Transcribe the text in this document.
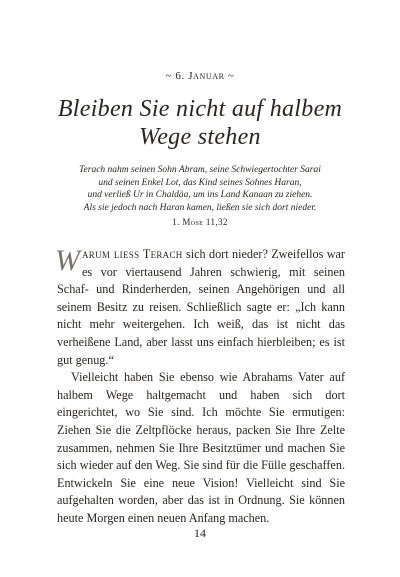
~ 6. Januar ~
Bleiben Sie nicht auf halbem
Wege stehen
Terach nahm seinen Sohn Abram, seine Schwiegertochter Sarai
und seinen Enkel Lot, das Kind seines Sohnes Haran,
und verließ Ur in Chaldäa, um ins Land Kanaan zu ziehen.
Als sie jedoch nach Haran kamen, ließen sie sich dort nieder.
1. Mose 11,32

Warum liess Terach sich dort nieder? Zweifellos war es vor viertausend Jahren schwierig, mit seinen Schaf- und Rinderherden, seinen Angehörigen und all seinem Besitz zu reisen. Schließlich sagte er: „Ich kann nicht mehr weitergehen. Ich weiß, das ist nicht das verheißene Land, aber lasst uns einfach hierbleiben; es ist gut genug.“

Vielleicht haben Sie ebenso wie Abrahams Vater auf halbem Wege haltgemacht und haben sich dort eingerichtet, wo Sie sind. Ich möchte Sie ermutigen: Ziehen Sie die Zeltpflöcke heraus, packen Sie Ihre Zelte zusammen, nehmen Sie Ihre Besitztümer und machen Sie sich wieder auf den Weg. Sie sind für die Fülle geschaffen. Entwickeln Sie eine neue Vision! Vielleicht sind Sie aufgehalten worden, aber das ist in Ordnung. Sie können heute Morgen einen neuen Anfang machen.

14
